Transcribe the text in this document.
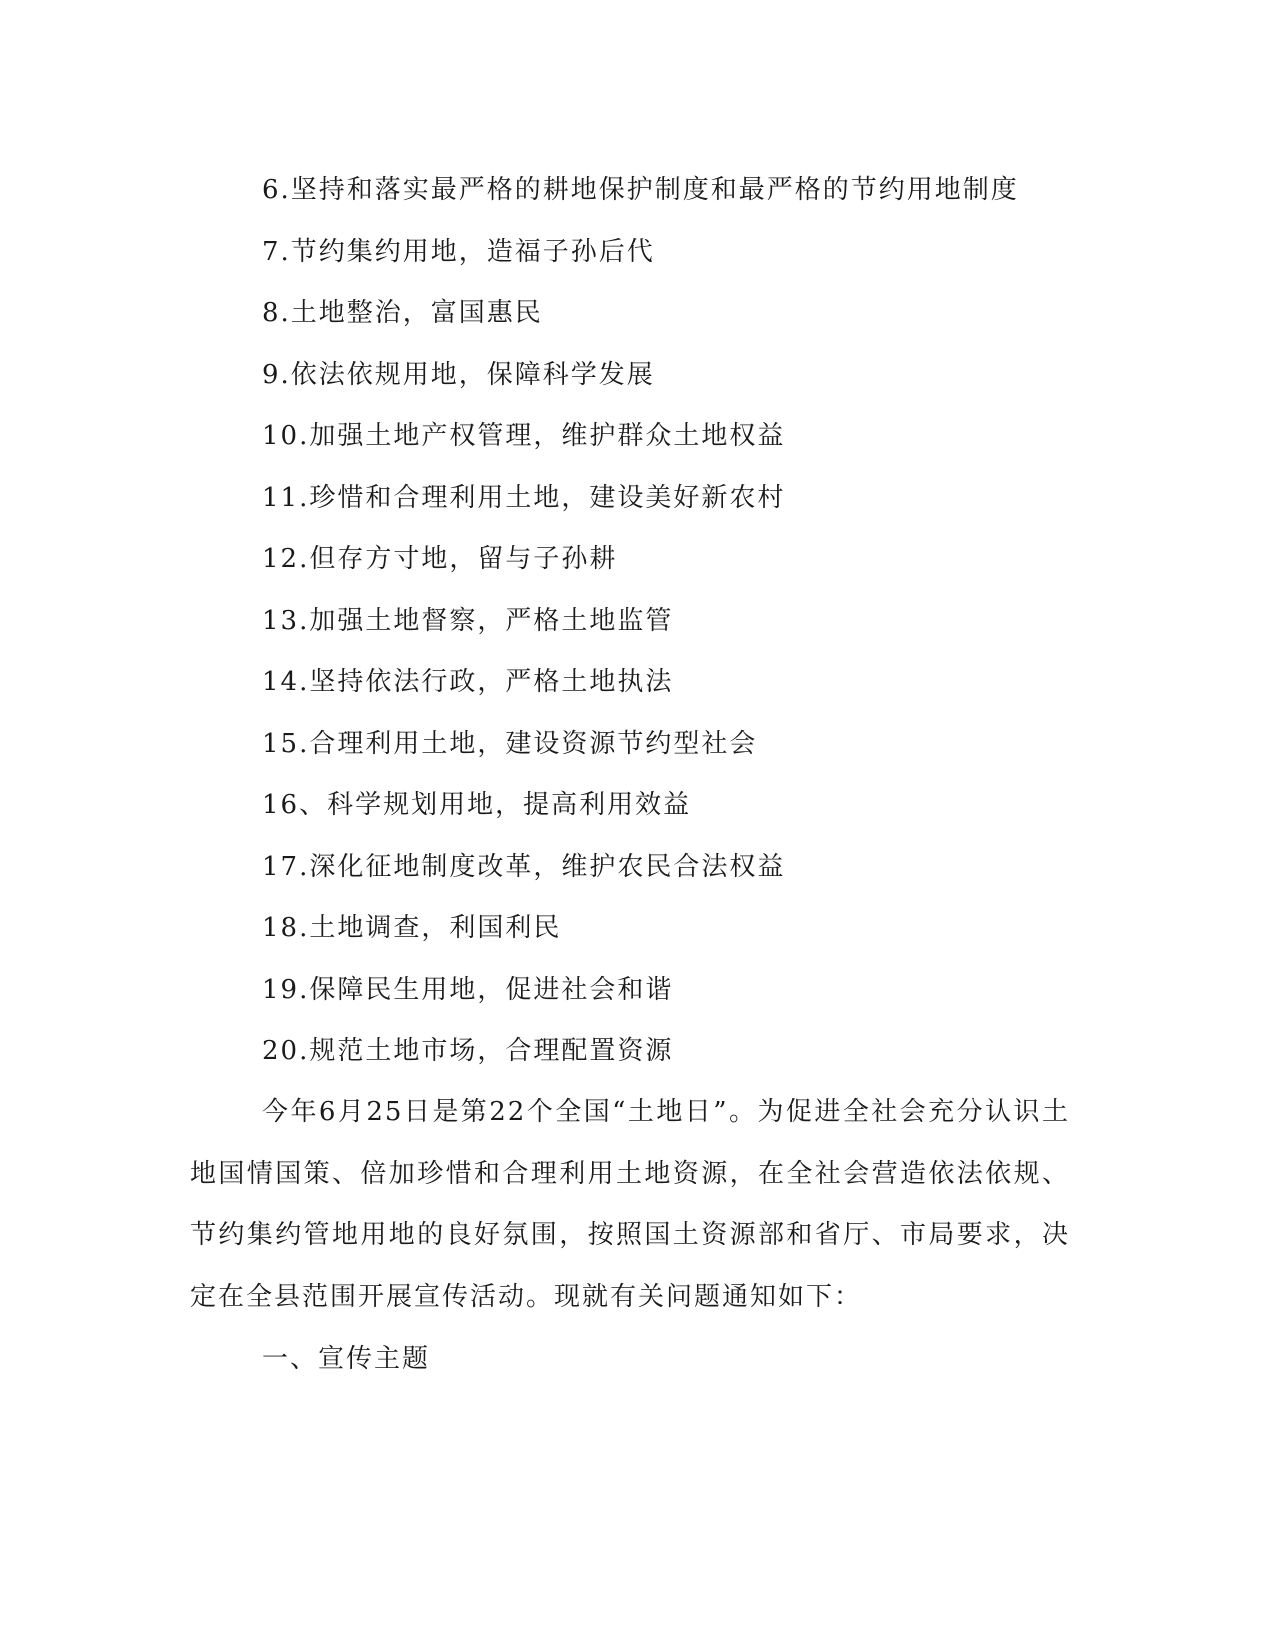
6.坚持和落实最严格的耕地保护制度和最严格的节约用地制度
7.节约集约用地，造福子孙后代
8.土地整治，富国惠民
9.依法依规用地，保障科学发展
10.加强土地产权管理，维护群众土地权益
11.珍惜和合理利用土地，建设美好新农村
12.但存方寸地，留与子孙耕
13.加强土地督察，严格土地监管
14.坚持依法行政，严格土地执法
15.合理利用土地，建设资源节约型社会
16、科学规划用地，提高利用效益
17.深化征地制度改革，维护农民合法权益
18.土地调查，利国利民
19.保障民生用地，促进社会和谐
20.规范土地市场，合理配置资源

今年6月25日是第22个全国“土地日”。为促进全社会充分认识土地国情国策、倍加珍惜和合理利用土地资源，在全社会营造依法依规、节约集约管地用地的良好氛围，按照国土资源部和省厅、市局要求，决定在全县范围开展宣传活动。现就有关问题通知如下：

一、宣传主题
